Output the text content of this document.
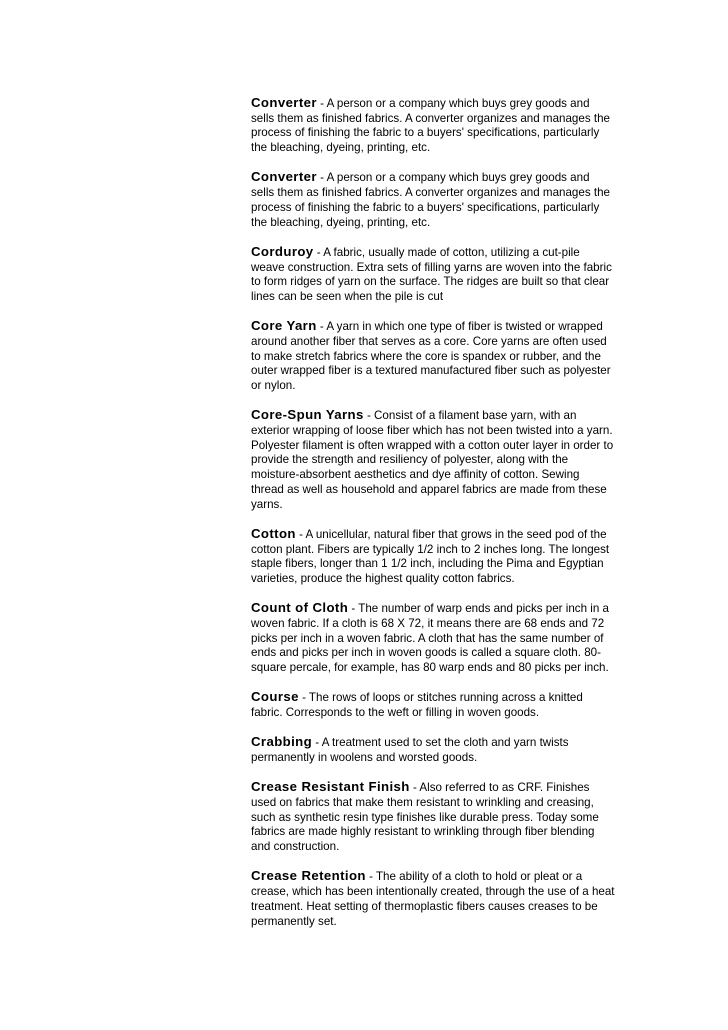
Converter - A person or a company which buys grey goods and sells them as finished fabrics. A converter organizes and manages the process of finishing the fabric to a buyers' specifications, particularly the bleaching, dyeing, printing, etc.

Converter - A person or a company which buys grey goods and sells them as finished fabrics. A converter organizes and manages the process of finishing the fabric to a buyers' specifications, particularly the bleaching, dyeing, printing, etc.

Corduroy - A fabric, usually made of cotton, utilizing a cut-pile weave construction. Extra sets of filling yarns are woven into the fabric to form ridges of yarn on the surface. The ridges are built so that clear lines can be seen when the pile is cut

Core Yarn - A yarn in which one type of fiber is twisted or wrapped around another fiber that serves as a core. Core yarns are often used to make stretch fabrics where the core is spandex or rubber, and the outer wrapped fiber is a textured manufactured fiber such as polyester or nylon.

Core-Spun Yarns - Consist of a filament base yarn, with an exterior wrapping of loose fiber which has not been twisted into a yarn. Polyester filament is often wrapped with a cotton outer layer in order to provide the strength and resiliency of polyester, along with the moisture-absorbent aesthetics and dye affinity of cotton. Sewing thread as well as household and apparel fabrics are made from these yarns.

Cotton - A unicellular, natural fiber that grows in the seed pod of the cotton plant. Fibers are typically 1/2 inch to 2 inches long. The longest staple fibers, longer than 1 1/2 inch, including the Pima and Egyptian varieties, produce the highest quality cotton fabrics.

Count of Cloth - The number of warp ends and picks per inch in a woven fabric. If a cloth is 68 X 72, it means there are 68 ends and 72 picks per inch in a woven fabric. A cloth that has the same number of ends and picks per inch in woven goods is called a square cloth. 80-square percale, for example, has 80 warp ends and 80 picks per inch.

Course - The rows of loops or stitches running across a knitted fabric. Corresponds to the weft or filling in woven goods.

Crabbing - A treatment used to set the cloth and yarn twists permanently in woolens and worsted goods.

Crease Resistant Finish - Also referred to as CRF. Finishes used on fabrics that make them resistant to wrinkling and creasing, such as synthetic resin type finishes like durable press. Today some fabrics are made highly resistant to wrinkling through fiber blending and construction.

Crease Retention - The ability of a cloth to hold or pleat or a crease, which has been intentionally created, through the use of a heat treatment. Heat setting of thermoplastic fibers causes creases to be permanently set.
